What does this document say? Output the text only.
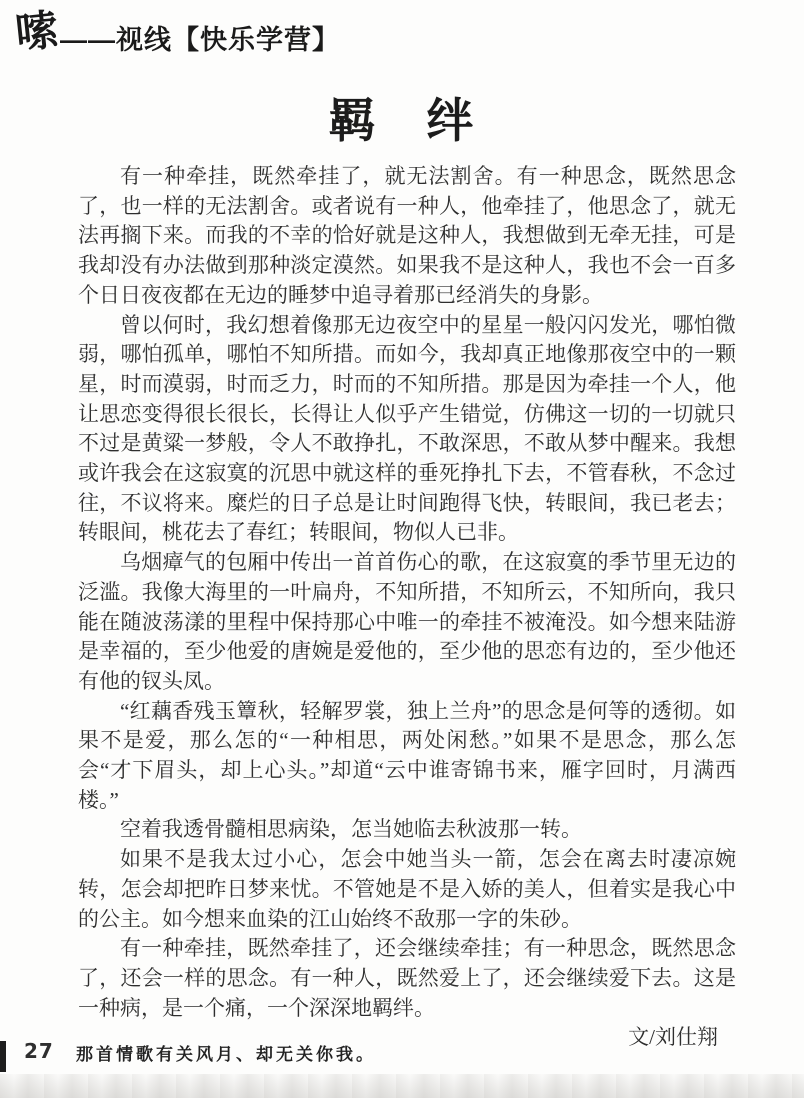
嗦 ——视线【快乐学营】
羁　绊

有一种牵挂，既然牵挂了，就无法割舍。有一种思念，既然思念了，也一样的无法割舍。或者说有一种人，他牵挂了，他思念了，就无法再搁下来。而我的不幸的恰好就是这种人，我想做到无牵无挂，可是我却没有办法做到那种淡定漠然。如果我不是这种人，我也不会一百多个日日夜夜都在无边的睡梦中追寻着那已经消失的身影。

曾以何时，我幻想着像那无边夜空中的星星一般闪闪发光，哪怕微弱，哪怕孤单，哪怕不知所措。而如今，我却真正地像那夜空中的一颗星，时而漠弱，时而乏力，时而的不知所措。那是因为牵挂一个人，他让思恋变得很长很长，长得让人似乎产生错觉，仿佛这一切的一切就只不过是黄粱一梦般，令人不敢挣扎，不敢深思，不敢从梦中醒来。我想或许我会在这寂寞的沉思中就这样的垂死挣扎下去，不管春秋，不念过往，不议将来。糜烂的日子总是让时间跑得飞快，转眼间，我已老去；转眼间，桃花去了春红；转眼间，物似人已非。

乌烟瘴气的包厢中传出一首首伤心的歌，在这寂寞的季节里无边的泛滥。我像大海里的一叶扁舟，不知所措，不知所云，不知所向，我只能在随波荡漾的里程中保持那心中唯一的牵挂不被淹没。如今想来陆游是幸福的，至少他爱的唐婉是爱他的，至少他的思恋有边的，至少他还有他的钗头凤。

“红藕香残玉簟秋，轻解罗裳，独上兰舟”的思念是何等的透彻。如果不是爱，那么怎的“一种相思，两处闲愁。”如果不是思念，那么怎会“才下眉头，却上心头。”却道“云中谁寄锦书来，雁字回时，月满西楼。”

空着我透骨髓相思病染，怎当她临去秋波那一转。

如果不是我太过小心，怎会中她当头一箭，怎会在离去时凄凉婉转，怎会却把昨日梦来忧。不管她是不是入娇的美人，但着实是我心中的公主。如今想来血染的江山始终不敌那一字的朱砂。

有一种牵挂，既然牵挂了，还会继续牵挂；有一种思念，既然思念了，还会一样的思念。有一种人，既然爱上了，还会继续爱下去。这是一种病，是一个痛，一个深深地羁绊。

文/刘仕翔

27 那首情歌有关风月、却无关你我。
